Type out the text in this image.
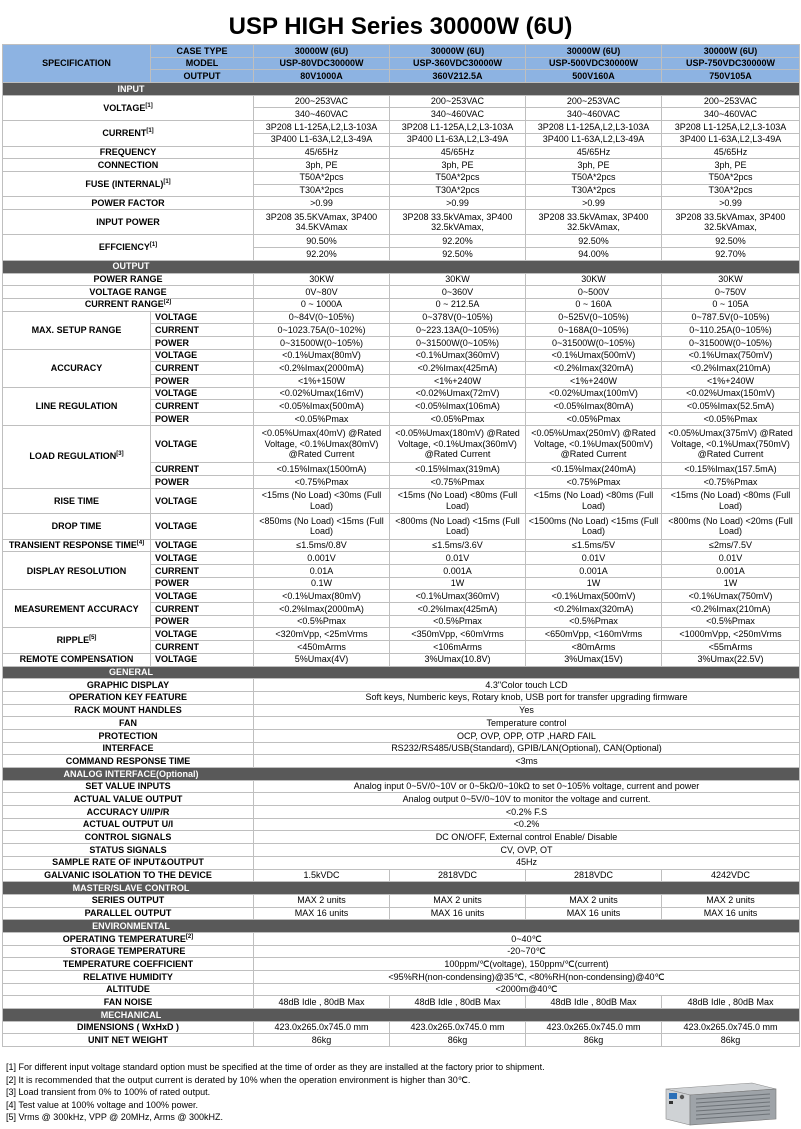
USP HIGH Series 30000W (6U)
SPECIFICATION	CASE TYPE	30000W (6U)	30000W (6U)	30000W (6U)	30000W (6U)
	MODEL	USP-80VDC30000W	USP-360VDC30000W	USP-500VDC30000W	USP-750VDC30000W
	OUTPUT	80V1000A	360V212.5A	500V160A	750V105A
INPUT					
VOLTAGE[1]		200~253VAC	200~253VAC	200~253VAC	200~253VAC
		340~460VAC	340~460VAC	340~460VAC	340~460VAC
CURRENT[1]		3P208 L1-125A,L2,L3-103A	3P208 L1-125A,L2,L3-103A	3P208 L1-125A,L2,L3-103A	3P208 L1-125A,L2,L3-103A
		3P400 L1-63A,L2,L3-49A	3P400 L1-63A,L2,L3-49A	3P400 L1-63A,L2,L3-49A	3P400 L1-63A,L2,L3-49A
FREQUENCY		45/65Hz	45/65Hz	45/65Hz	45/65Hz
CONNECTION		3ph, PE	3ph, PE	3ph, PE	3ph, PE
FUSE (INTERNAL)[1]		T50A*2pcs	T50A*2pcs	T50A*2pcs	T50A*2pcs
		T30A*2pcs	T30A*2pcs	T30A*2pcs	T30A*2pcs
POWER FACTOR		>0.99	>0.99	>0.99	>0.99
INPUT POWER		3P208 35.5KVAmax, 3P400 34.5KVAmax	3P208 33.5kVAmax, 3P400 32.5kVAmax,	3P208 33.5kVAmax, 3P400 32.5kVAmax,	3P208 33.5kVAmax, 3P400 32.5kVAmax,
EFFCIENCY[1]		90.50%	92.20%	92.50%	92.50%
		92.20%	92.50%	94.00%	92.70%
OUTPUT					
POWER RANGE		30KW	30KW	30KW	30KW
VOLTAGE RANGE		0V~80V	0~360V	0~500V	0~750V
CURRENT RANGE[2]		0 ~ 1000A	0 ~ 212.5A	0 ~ 160A	0 ~ 105A
MAX. SETUP RANGE	VOLTAGE	0~84V(0~105%)	0~378V(0~105%)	0~525V(0~105%)	0~787.5V(0~105%)
	CURRENT	0~1023.75A(0~102%)	0~223.13A(0~105%)	0~168A(0~105%)	0~110.25A(0~105%)
	POWER	0~31500W(0~105%)	0~31500W(0~105%)	0~31500W(0~105%)	0~31500W(0~105%)
ACCURACY	VOLTAGE	<0.1%Umax(80mV)	<0.1%Umax(360mV)	<0.1%Umax(500mV)	<0.1%Umax(750mV)
	CURRENT	<0.2%Imax(2000mA)	<0.2%Imax(425mA)	<0.2%Imax(320mA)	<0.2%Imax(210mA)
	POWER	<1%+150W	<1%+240W	<1%+240W	<1%+240W
LINE REGULATION	VOLTAGE	<0.02%Umax(16mV)	<0.02%Umax(72mV)	<0.02%Umax(100mV)	<0.02%Umax(150mV)
	CURRENT	<0.05%Imax(500mA)	<0.05%Imax(106mA)	<0.05%Imax(80mA)	<0.05%Imax(52.5mA)
	POWER	<0.05%Pmax	<0.05%Pmax	<0.05%Pmax	<0.05%Pmax
LOAD REGULATION[3]	VOLTAGE	<0.05%Umax(40mV) @Rated Voltage, <0.1%Umax(80mV) @Rated Current	<0.05%Umax(180mV) @Rated Voltage, <0.1%Umax(360mV) @Rated Current	<0.05%Umax(250mV) @Rated Voltage, <0.1%Umax(500mV) @Rated Current	<0.05%Umax(375mV) @Rated Voltage, <0.1%Umax(750mV) @Rated Current
	CURRENT	<0.15%Imax(1500mA)	<0.15%Imax(319mA)	<0.15%Imax(240mA)	<0.15%Imax(157.5mA)
	POWER	<0.75%Pmax	<0.75%Pmax	<0.75%Pmax	<0.75%Pmax
RISE TIME	VOLTAGE	<15ms (No Load) <30ms (Full Load)	<15ms (No Load) <80ms (Full Load)	<15ms (No Load) <80ms (Full Load)	<15ms (No Load) <80ms (Full Load)
DROP TIME	VOLTAGE	<850ms (No Load) <15ms (Full Load)	<800ms (No Load) <15ms (Full Load)	<1500ms (No Load) <15ms (Full Load)	<800ms (No Load) <20ms (Full Load)
TRANSIENT RESPONSE TIME[4]	VOLTAGE	≤1.5ms/0.8V	≤1.5ms/3.6V	≤1.5ms/5V	≤2ms/7.5V
DISPLAY RESOLUTION	VOLTAGE	0.001V	0.01V	0.01V	0.01V
	CURRENT	0.01A	0.001A	0.001A	0.001A
	POWER	0.1W	1W	1W	1W
MEASUREMENT ACCURACY	VOLTAGE	<0.1%Umax(80mV)	<0.1%Umax(360mV)	<0.1%Umax(500mV)	<0.1%Umax(750mV)
	CURRENT	<0.2%Imax(2000mA)	<0.2%Imax(425mA)	<0.2%Imax(320mA)	<0.2%Imax(210mA)
	POWER	<0.5%Pmax	<0.5%Pmax	<0.5%Pmax	<0.5%Pmax
RIPPLE[5]	VOLTAGE	<320mVpp, <25mVrms	<350mVpp, <60mVrms	<650mVpp, <160mVrms	<1000mVpp, <250mVrms
	CURRENT	<450mArms	<106mArms	<80mArms	<55mArms
REMOTE COMPENSATION	VOLTAGE	5%Umax(4V)	3%Umax(10.8V)	3%Umax(15V)	3%Umax(22.5V)
GENERAL					
GRAPHIC DISPLAY		4.3"Color touch LCD			
OPERATION KEY FEATURE		Soft keys, Numberic keys, Rotary knob, USB port for transfer upgrading firmware			
RACK MOUNT HANDLES		Yes			
FAN		Temperature control			
PROTECTION		OCP, OVP, OPP, OTP ,HARD FAIL			
INTERFACE		RS232/RS485/USB(Standard), GPIB/LAN(Optional), CAN(Optional)			
COMMAND RESPONSE TIME		<3ms			
ANALOG INTERFACE(Optional)					
SET VALUE INPUTS		Analog input 0~5V/0~10V or 0~5kΩ/0~10kΩ to set 0~105% voltage, current and power			
ACTUAL VALUE OUTPUT		Analog output 0~5V/0~10V to monitor the voltage and current.			
ACCURACY U/I/P/R		<0.2% F.S			
ACTUAL OUTPUT U/I		<0.2%			
CONTROL SIGNALS		DC ON/OFF, External control Enable/ Disable			
STATUS SIGNALS		CV, OVP, OT			
SAMPLE RATE OF INPUT&OUTPUT		45Hz			
GALVANIC ISOLATION TO THE DEVICE		1.5kVDC	2818VDC	2818VDC	4242VDC
MASTER/SLAVE CONTROL					
SERIES OUTPUT		MAX 2 units	MAX 2 units	MAX 2 units	MAX 2 units
PARALLEL OUTPUT		MAX 16 units	MAX 16 units	MAX 16 units	MAX 16 units
ENVIRONMENTAL					
OPERATING TEMPERATURE[2]		0~40℃			
STORAGE TEMPERATURE		-20~70℃			
TEMPERATURE COEFFICIENT		100ppm/℃(voltage), 150ppm/℃(current)			
RELATIVE HUMIDITY		<95%RH(non-condensing)@35℃, <80%RH(non-condensing)@40℃			
ALTITUDE		<2000m@40℃			
FAN NOISE		48dB Idle , 80dB Max	48dB Idle , 80dB Max	48dB Idle , 80dB Max	48dB Idle , 80dB Max
MECHANICAL					
DIMENSIONS ( WxHxD )		423.0x265.0x745.0 mm	423.0x265.0x745.0 mm	423.0x265.0x745.0 mm	423.0x265.0x745.0 mm
UNIT NET WEIGHT		86kg	86kg	86kg	86kg
[1] For different input voltage standard option must be specified at the time of order as they are installed at the factory prior to shipment.
[2] It is recommended that the output current is derated by 10% when the operation environment is higher than 30℃.
[3] Load transient from 0% to 100% of rated output.
[4] Test value at 100% voltage and 100% power.
[5] Vrms @ 300kHz, VPP @ 20MHz, Arms @ 300kHZ.
